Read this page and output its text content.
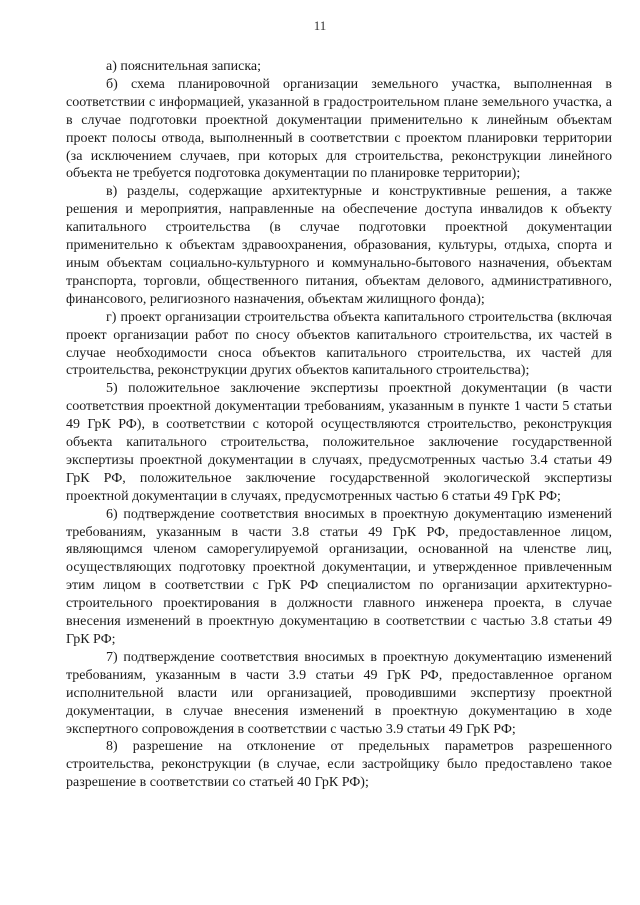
11

а) пояснительная записка;

б) схема планировочной организации земельного участка, выполненная в соответствии с информацией, указанной в градостроительном плане земельного участка, а в случае подготовки проектной документации применительно к линейным объектам проект полосы отвода, выполненный в соответствии с проектом планировки территории (за исключением случаев, при которых для строительства, реконструкции линейного объекта не требуется подготовка документации по планировке территории);

в) разделы, содержащие архитектурные и конструктивные решения, а также решения и мероприятия, направленные на обеспечение доступа инвалидов к объекту капитального строительства (в случае подготовки проектной документации применительно к объектам здравоохранения, образования, культуры, отдыха, спорта и иным объектам социально-культурного и коммунально-бытового назначения, объектам транспорта, торговли, общественного питания, объектам делового, административного, финансового, религиозного назначения, объектам жилищного фонда);

г) проект организации строительства объекта капитального строительства (включая проект организации работ по сносу объектов капитального строительства, их частей в случае необходимости сноса объектов капитального строительства, их частей для строительства, реконструкции других объектов капитального строительства);

5) положительное заключение экспертизы проектной документации (в части соответствия проектной документации требованиям, указанным в пункте 1 части 5 статьи 49 ГрК РФ), в соответствии с которой осуществляются строительство, реконструкция объекта капитального строительства, положительное заключение государственной экспертизы проектной документации в случаях, предусмотренных частью 3.4 статьи 49 ГрК РФ, положительное заключение государственной экологической экспертизы проектной документации в случаях, предусмотренных частью 6 статьи 49 ГрК РФ;

6) подтверждение соответствия вносимых в проектную документацию изменений требованиям, указанным в части 3.8 статьи 49 ГрК РФ, предоставленное лицом, являющимся членом саморегулируемой организации, основанной на членстве лиц, осуществляющих подготовку проектной документации, и утвержденное привлеченным этим лицом в соответствии с ГрК РФ специалистом по организации архитектурно-строительного проектирования в должности главного инженера проекта, в случае внесения изменений в проектную документацию в соответствии с частью 3.8 статьи 49 ГрК РФ;

7) подтверждение соответствия вносимых в проектную документацию изменений требованиям, указанным в части 3.9 статьи 49 ГрК РФ, предоставленное органом исполнительной власти или организацией, проводившими экспертизу проектной документации, в случае внесения изменений в проектную документацию в ходе экспертного сопровождения в соответствии с частью 3.9 статьи 49 ГрК РФ;

8) разрешение на отклонение от предельных параметров разрешенного строительства, реконструкции (в случае, если застройщику было предоставлено такое разрешение в соответствии со статьей 40 ГрК РФ);
